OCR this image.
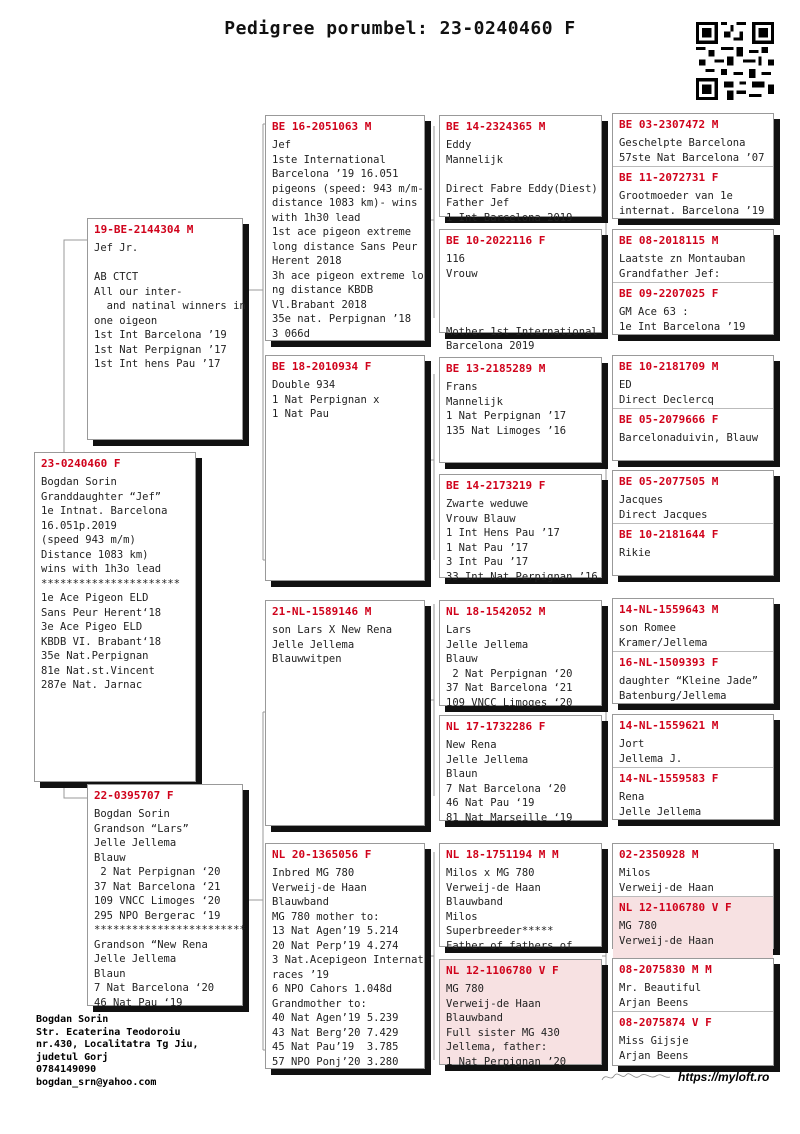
Pedigree porumbel: 23-0240460 F
23-0240460 F
Bogdan Sorin
Granddaughter “Jef”
1e Intnat. Barcelona
16.051p.2019
(speed 943 m/m)
Distance 1083 km)
wins with 1h3o lead
**********************
1e Ace Pigeon ELD
Sans Peur Herent‘18
3e Ace Pigeo ELD
KBDB VI. Brabant‘18
35e Nat.Perpignan
81e Nat.st.Vincent
287e Nat. Jarnac
19-BE-2144304 M
Jef Jr.

AB CTCT
All our inter-
and natinal winners in
one oigeon
1st Int Barcelona ’19
1st Nat Perpignan ’17
1st Int hens Pau ’17
22-0395707 F
Bogdan Sorin
Grandson “Lars”
Jelle Jellema
Blauw
2 Nat Perpignan ‘20
37 Nat Barcelona ‘21
109 VNCC Limoges ‘20
295 NPO Bergerac ‘19
************************
Grandson “New Rena
Jelle Jellema
Blaun
7 Nat Barcelona ‘20
46 Nat Pau ‘19
BE 16-2051063 M
Jef
1ste International
Barcelona ’19 16.051
pigeons (speed: 943 m/m-
distance 1083 km)- wins
with 1h30 lead
1st ace pigeon extreme
long distance Sans Peur
Herent 2018
3h ace pigeon extreme lo
ng distance KBDB
Vl.Brabant 2018
35e nat. Perpignan ’18
3 066d
BE 18-2010934 F
Double 934
1 Nat Perpignan x
1 Nat Pau
21-NL-1589146 M
son Lars X New Rena
Jelle Jellema
Blauwwitpen
NL 20-1365056 F
Inbred MG 780
Verweij-de Haan
Blauwband
MG 780 mother to:
13 Nat Agen’19 5.214
20 Nat Perp’19 4.274
3 Nat.Acepigeon Internat
races ’19
6 NPO Cahors 1.048d
Grandmother to:
40 Nat Agen’19 5.239
43 Nat Berg’20 7.429
45 Nat Pau’19  3.785
57 NPO Ponj’20 3.280
BE 14-2324365 M
Eddy
Mannelijk

Direct Fabre Eddy(Diest)
Father Jef
1 Int Barcelona 2019
BE 10-2022116 F
116
Vrouw

Mother 1st International
Barcelona 2019
BE 13-2185289 M
Frans
Mannelijk
1 Nat Perpignan ’17
135 Nat Limoges ’16
BE 14-2173219 F
Zwarte weduwe
Vrouw Blauw
1 Int Hens Pau ’17
1 Nat Pau ’17
3 Int Pau ’17
33 Int Nat Perpignan ’16
NL 18-1542052 M
Lars
Jelle Jellema
Blauw
2 Nat Perpignan ‘20
37 Nat Barcelona ‘21
109 VNCC Limoges ‘20
NL 17-1732286 F
New Rena
Jelle Jellema
Blaun
7 Nat Barcelona ‘20
46 Nat Pau ‘19
81 Nat Marseille ‘19
NL 18-1751194 M M
Milos x MG 780
Verweij-de Haan
Blauwband
Milos
Superbreeder*****
Father of fathers of
NL 12-1106780 V F
MG 780
Verweij-de Haan
Blauwband
Full sister MG 430
Jellema, father:
1 Nat Perpignan ’20
BE 03-2307472 M
Geschelpte Barcelona
57ste Nat Barcelona ’07
BE 11-2072731 F
Grootmoeder van 1e
internat. Barcelona ’19
BE 08-2018115 M
Laatste zn Montauban
Grandfather Jef:
BE 09-2207025 F
GM Ace 63 :
1e Int Barcelona ’19
BE 10-2181709 M
ED
Direct Declercq
BE 05-2079666 F
Barcelonaduivin, Blauw
BE 05-2077505 M
Jacques
Direct Jacques
BE 10-2181644 F
Rikie
14-NL-1559643 M
son Romee
Kramer/Jellema
16-NL-1509393 F
daughter “Kleine Jade”
Batenburg/Jellema
14-NL-1559621 M
Jort
Jellema J.
14-NL-1559583 F
Rena
Jelle Jellema
02-2350928 M
Milos
Verweij-de Haan
NL 12-1106780 V F
MG 780
Verweij-de Haan
08-2075830 M M
Mr. Beautiful
Arjan Beens
08-2075874 V F
Miss Gijsje
Arjan Beens
Bogdan Sorin
Str. Ecaterina Teodoroiu
nr.430, Localitatra Tg Jiu,
judetul Gorj
0784149090
bogdan_srn@yahoo.com	https://myloft.ro
